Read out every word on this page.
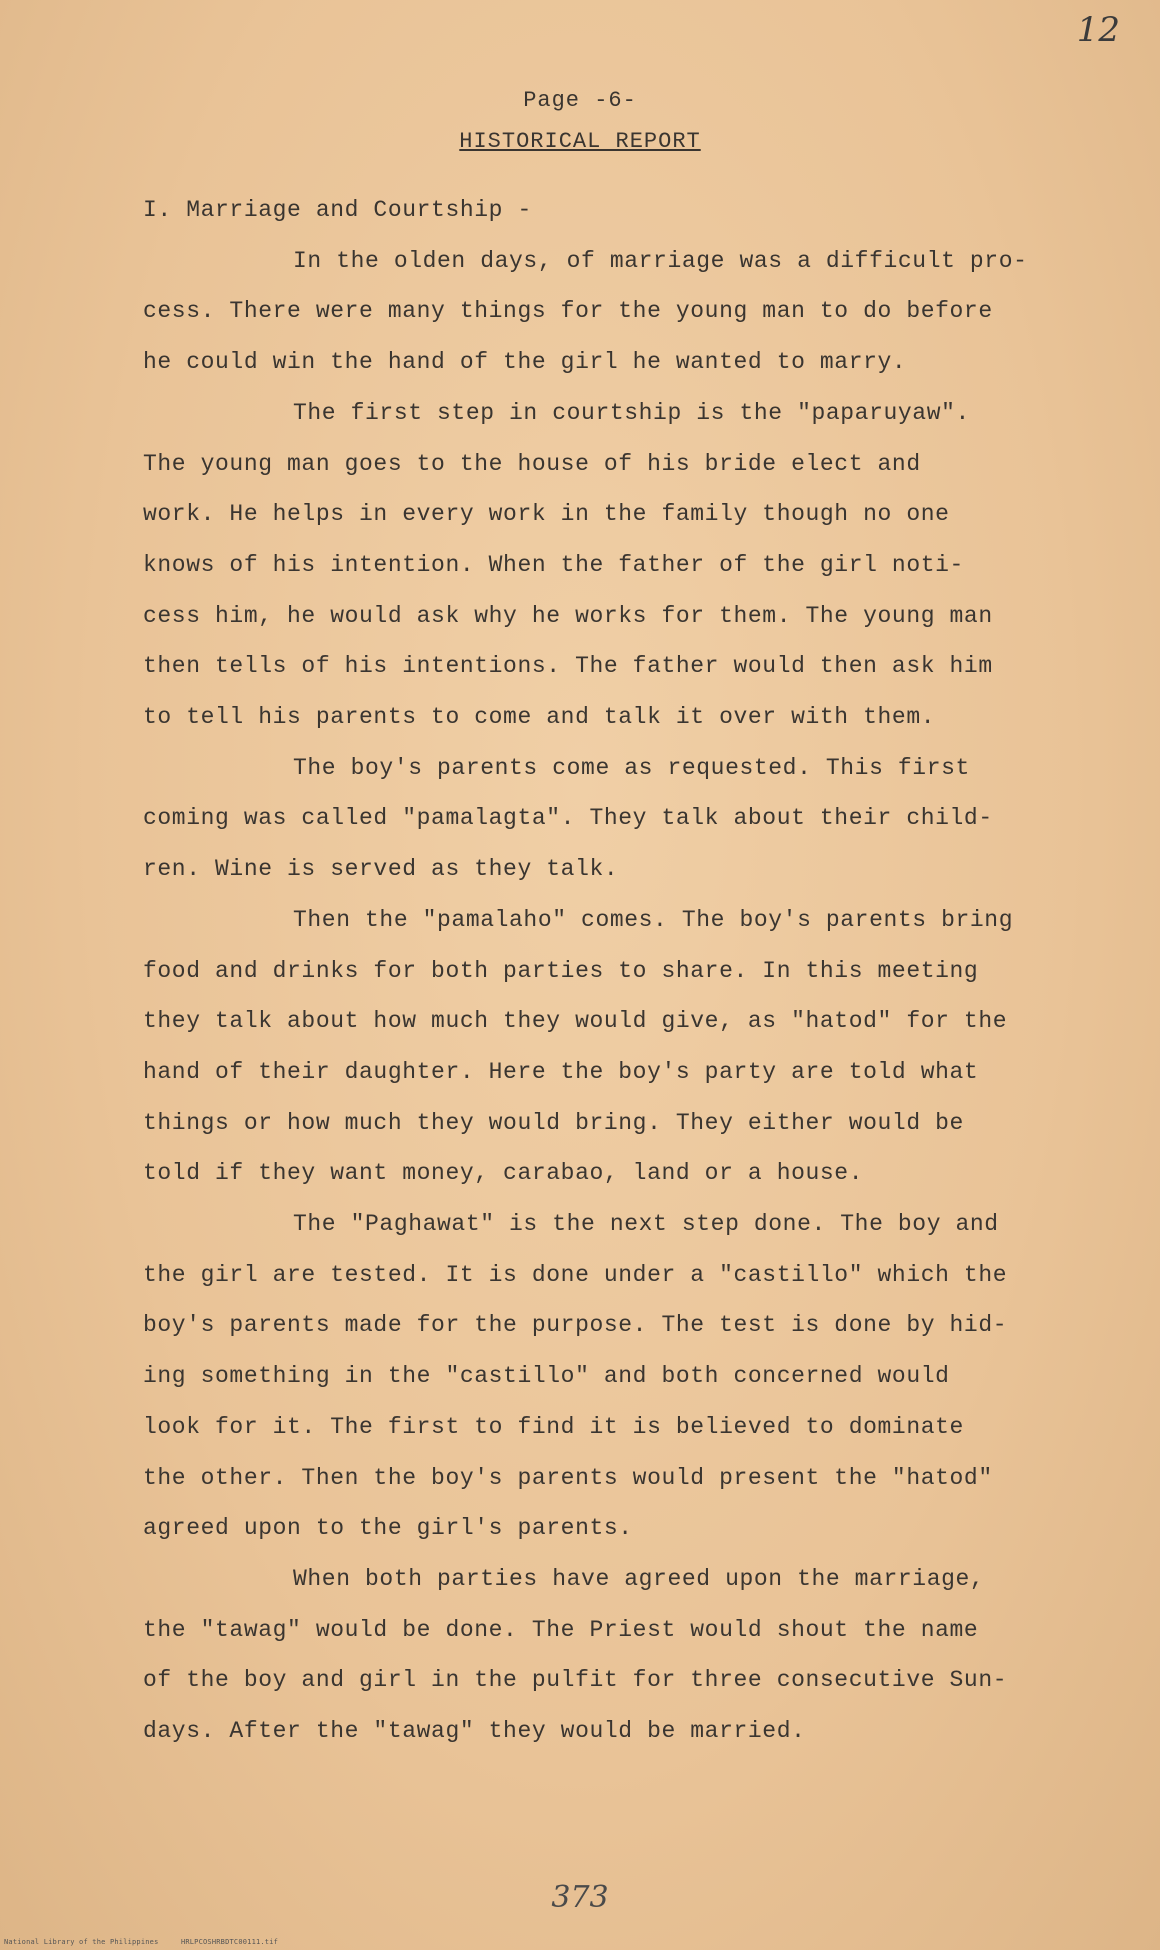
12
Page -6-
HISTORICAL REPORT

I. Marriage and Courtship -

In the olden days, of marriage was a difficult pro-
cess. There were many things for the young man to do before
he could win the hand of the girl he wanted to marry.

The first step in courtship is the "paparuyaw".
The young man goes to the house of his bride elect and
work. He helps in every work in the family though no one
knows of his intention. When the father of the girl noti-
cess him, he would ask why he works for them. The young man
then tells of his intentions. The father would then ask him
to tell his parents to come and talk it over with them.

The boy's parents come as requested. This first
coming was called "pamalagta". They talk about their child-
ren. Wine is served as they talk.

Then the "pamalaho" comes. The boy's parents bring
food and drinks for both parties to share. In this meeting
they talk about how much they would give, as "hatod" for the
hand of their daughter. Here the boy's party are told what
things or how much they would bring. They either would be
told if they want money, carabao, land or a house.

The "Paghawat" is the next step done. The boy and
the girl are tested. It is done under a "castillo" which the
boy's parents made for the purpose. The test is done by hid-
ing something in the "castillo" and both concerned would
look for it. The first to find it is believed to dominate
the other. Then the boy's parents would present the "hatod"
agreed upon to the girl's parents.

When both parties have agreed upon the marriage,
the "tawag" would be done. The Priest would shout the name
of the boy and girl in the pulfit for three consecutive Sun-
days. After the "tawag" they would be married.

373
National Library of the Philippines	HRLPCOSHRBDTC00111.tif
